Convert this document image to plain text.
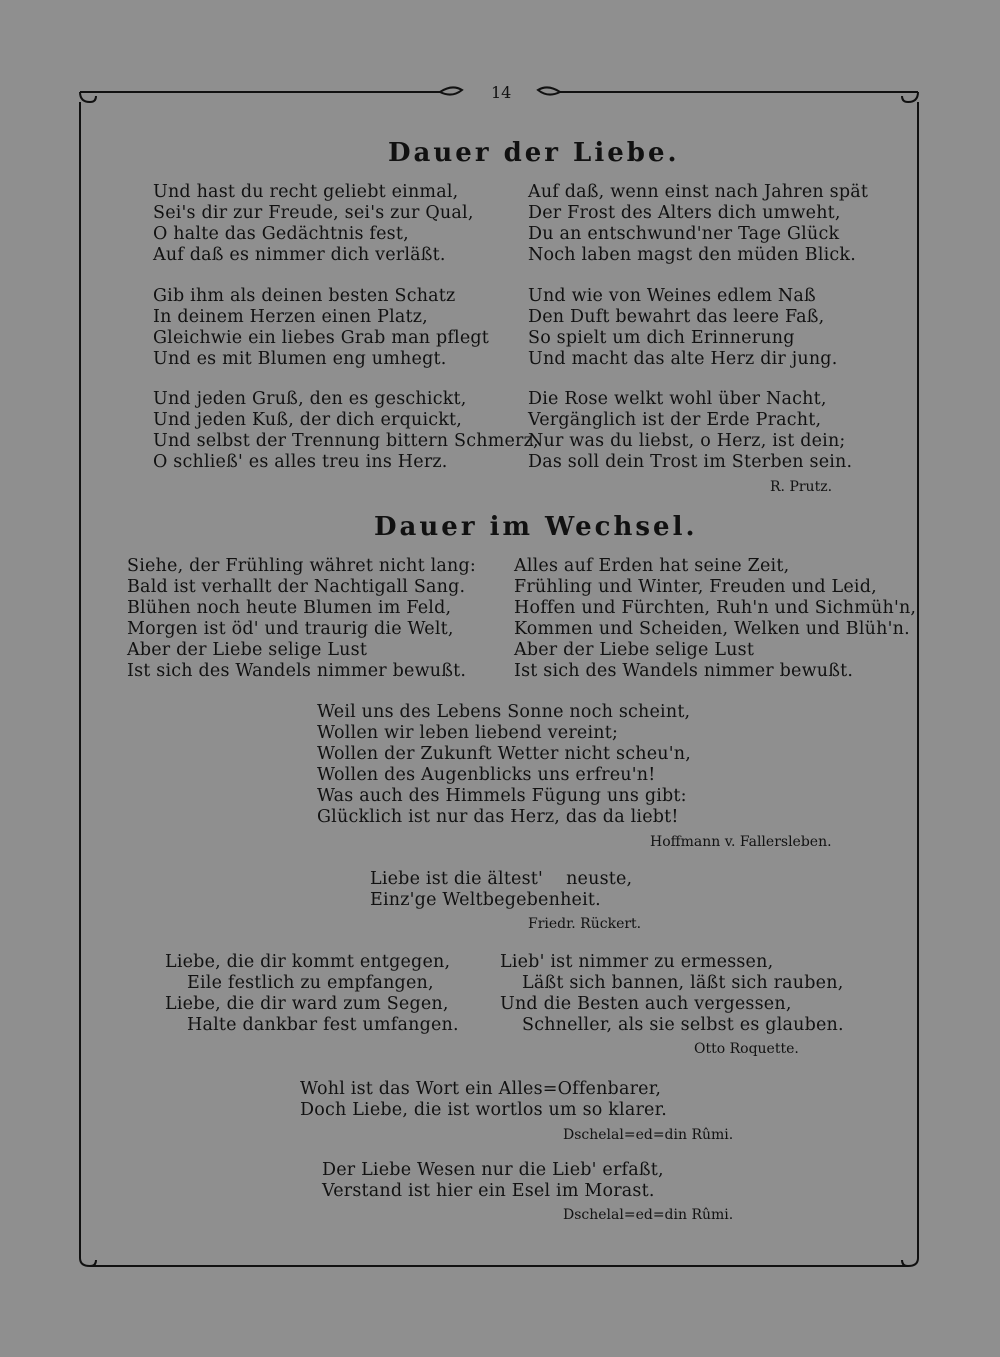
14
Dauer der Liebe.
Und hast du recht geliebt einmal,
Sei's dir zur Freude, sei's zur Qual,
O halte das Gedächtnis fest,
Auf daß es nimmer dich verläßt.
Gib ihm als deinen besten Schatz
In deinem Herzen einen Platz,
Gleichwie ein liebes Grab man pflegt
Und es mit Blumen eng umhegt.
Und jeden Gruß, den es geschickt,
Und jeden Kuß, der dich erquickt,
Und selbst der Trennung bittern Schmerz,
O schließ' es alles treu ins Herz.
Auf daß, wenn einst nach Jahren spät
Der Frost des Alters dich umweht,
Du an entschwund'ner Tage Glück
Noch laben magst den müden Blick.
Und wie von Weines edlem Naß
Den Duft bewahrt das leere Faß,
So spielt um dich Erinnerung
Und macht das alte Herz dir jung.
Die Rose welkt wohl über Nacht,
Vergänglich ist der Erde Pracht,
Nur was du liebst, o Herz, ist dein;
Das soll dein Trost im Sterben sein.
R. Prutz.
Dauer im Wechsel.
Siehe, der Frühling währet nicht lang:
Bald ist verhallt der Nachtigall Sang.
Blühen noch heute Blumen im Feld,
Morgen ist öd' und traurig die Welt,
Aber der Liebe selige Lust
Ist sich des Wandels nimmer bewußt.
Alles auf Erden hat seine Zeit,
Frühling und Winter, Freuden und Leid,
Hoffen und Fürchten, Ruh'n und Sichmüh'n,
Kommen und Scheiden, Welken und Blüh'n.
Aber der Liebe selige Lust
Ist sich des Wandels nimmer bewußt.
Weil uns des Lebens Sonne noch scheint,
Wollen wir leben liebend vereint;
Wollen der Zukunft Wetter nicht scheu'n,
Wollen des Augenblicks uns erfreu'n!
Was auch des Himmels Fügung uns gibt:
Glücklich ist nur das Herz, das da liebt!
Hoffmann v. Fallersleben.
Liebe ist die ältest'    neuste,
Einz'ge Weltbegebenheit.
Friedr. Rückert.
Liebe, die dir kommt entgegen,
Eile festlich zu empfangen,
Liebe, die dir ward zum Segen,
Halte dankbar fest umfangen.
Lieb' ist nimmer zu ermessen,
Läßt sich bannen, läßt sich rauben,
Und die Besten auch vergessen,
Schneller, als sie selbst es glauben.
Otto Roquette.
Wohl ist das Wort ein Alles=Offenbarer,
Doch Liebe, die ist wortlos um so klarer.
Dschelal=ed=din Rûmi.
Der Liebe Wesen nur die Lieb' erfaßt,
Verstand ist hier ein Esel im Morast.
Dschelal=ed=din Rûmi.
